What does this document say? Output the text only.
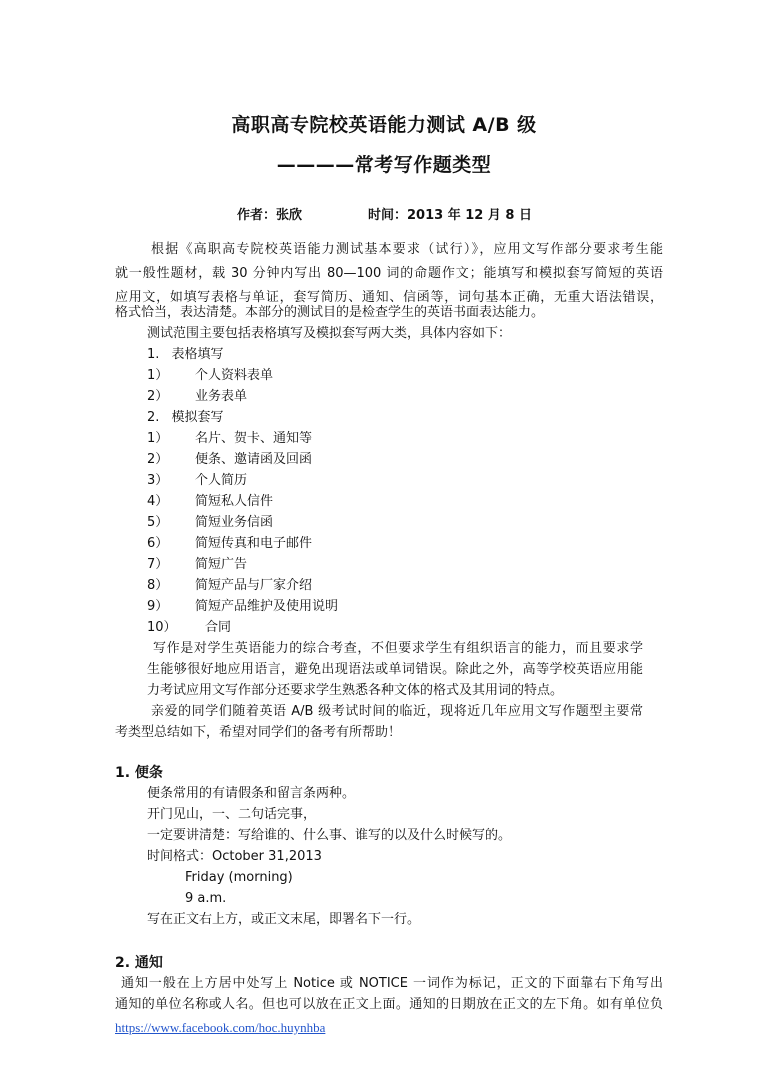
高职高专院校英语能力测试 A/B 级
————常考写作题类型
作者：张欣	时间：2013 年 12 月 8 日
根据《高职高专院校英语能力测试基本要求（试行）》，应用文写作部分要求考生能
就一般性题材，载 30 分钟内写出 80—100 词的命题作文；能填写和模拟套写简短的英语
应用文，如填写表格与单证，套写简历、通知、信函等，词句基本正确，无重大语法错误，
格式恰当，表达清楚。本部分的测试目的是检查学生的英语书面表达能力。
测试范围主要包括表格填写及模拟套写两大类，具体内容如下：
1. 表格填写
1） 个人资料表单
2） 业务表单
2. 模拟套写
1） 名片、贺卡、通知等
2） 便条、邀请函及回函
3） 个人简历
4） 简短私人信件
5） 简短业务信函
6） 简短传真和电子邮件
7） 简短广告
8） 简短产品与厂家介绍
9） 简短产品维护及使用说明
10） 合同
写作是对学生英语能力的综合考查，不但要求学生有组织语言的能力，而且要求学
生能够很好地应用语言，避免出现语法或单词错误。除此之外，高等学校英语应用能
力考试应用文写作部分还要求学生熟悉各种文体的格式及其用词的特点。
亲爱的同学们随着英语 A/B 级考试时间的临近，现将近几年应用文写作题型主要常
考类型总结如下，希望对同学们的备考有所帮助！
1. 便条
便条常用的有请假条和留言条两种。
开门见山，一、二句话完事，
一定要讲清楚：写给谁的、什么事、谁写的以及什么时候写的。
时间格式：October 31,2013
Friday (morning)
9 a.m.
写在正文右上方，或正文末尾，即署名下一行。
2. 通知
通知一般在上方居中处写上 Notice 或 NOTICE 一词作为标记，正文的下面靠右下角写出
通知的单位名称或人名。但也可以放在正文上面。通知的日期放在正文的左下角。如有单位负
https://www.facebook.com/hoc.huynhba
